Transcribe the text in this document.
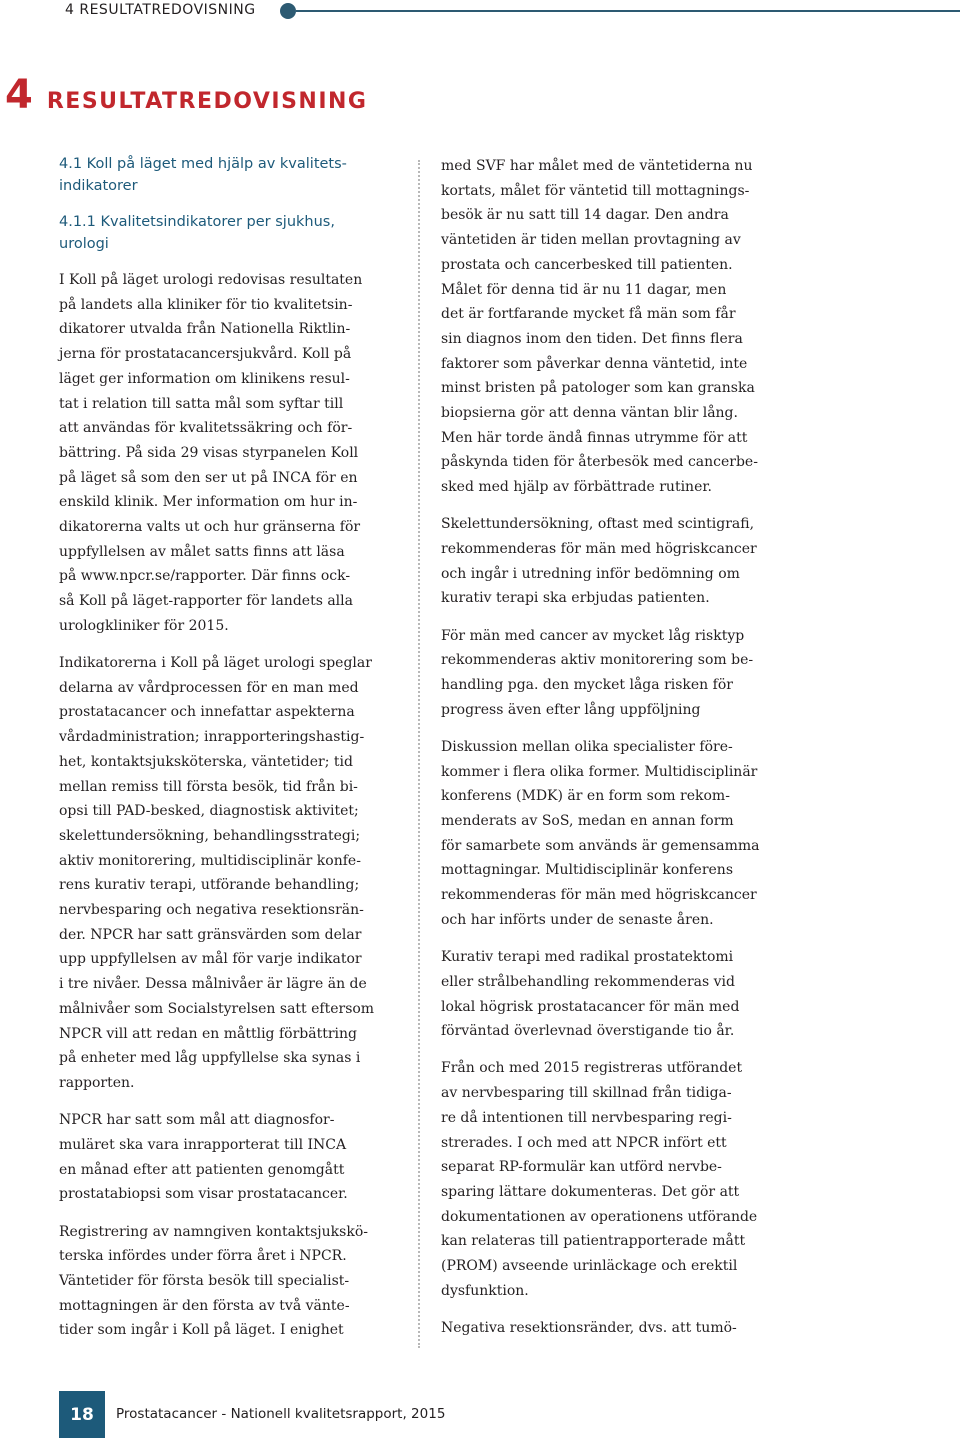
4 RESULTATREDOVISNING
4 RESULTATREDOVISNING
4.1 Koll på läget med hjälp av kvalitets-
indikatorer
4.1.1 Kvalitetsindikatorer per sjukhus,
urologi

I Koll på läget urologi redovisas resultaten
på landets alla kliniker för tio kvalitetsin-
dikatorer utvalda från Nationella Riktlin-
jerna för prostatacancersjukvård. Koll på
läget ger information om klinikens resul-
tat i relation till satta mål som syftar till
att användas för kvalitetssäkring och för-
bättring. På sida 29 visas styrpanelen Koll
på läget så som den ser ut på INCA för en
enskild klinik. Mer information om hur in-
dikatorerna valts ut och hur gränserna för
uppfyllelsen av målet satts finns att läsa
på www.npcr.se/rapporter. Där finns ock-
så Koll på läget-rapporter för landets alla
urologkliniker för 2015.

Indikatorerna i Koll på läget urologi speglar
delarna av vårdprocessen för en man med
prostatacancer och innefattar aspekterna
vårdadministration; inrapporteringshastig-
het, kontaktsjuksköterska, väntetider; tid
mellan remiss till första besök, tid från bi-
opsi till PAD-besked, diagnostisk aktivitet;
skelettundersökning, behandlingsstrategi;
aktiv monitorering, multidisciplinär konfe-
rens kurativ terapi, utförande behandling;
nervbesparing och negativa resektionsrän-
der. NPCR har satt gränsvärden som delar
upp uppfyllelsen av mål för varje indikator
i tre nivåer. Dessa målnivåer är lägre än de
målnivåer som Socialstyrelsen satt eftersom
NPCR vill att redan en måttlig förbättring
på enheter med låg uppfyllelse ska synas i
rapporten.

NPCR har satt som mål att diagnosfor-
muläret ska vara inrapporterat till INCA
en månad efter att patienten genomgått
prostatabiopsi som visar prostatacancer.

Registrering av namngiven kontaktsjukskö-
terska infördes under förra året i NPCR.
Väntetider för första besök till specialist-
mottagningen är den första av två vänte-
tider som ingår i Koll på läget. I enighet

med SVF har målet med de väntetiderna nu
kortats, målet för väntetid till mottagnings-
besök är nu satt till 14 dagar. Den andra
väntetiden är tiden mellan provtagning av
prostata och cancerbesked till patienten.
Målet för denna tid är nu 11 dagar, men
det är fortfarande mycket få män som får
sin diagnos inom den tiden. Det finns flera
faktorer som påverkar denna väntetid, inte
minst bristen på patologer som kan granska
biopsierna gör att denna väntan blir lång.
Men här torde ändå finnas utrymme för att
påskynda tiden för återbesök med cancerbe-
sked med hjälp av förbättrade rutiner.

Skelettundersökning, oftast med scintigrafi,
rekommenderas för män med högriskcancer
och ingår i utredning inför bedömning om
kurativ terapi ska erbjudas patienten.

För män med cancer av mycket låg risktyp
rekommenderas aktiv monitorering som be-
handling pga. den mycket låga risken för
progress även efter lång uppföljning

Diskussion mellan olika specialister före-
kommer i flera olika former. Multidisciplinär
konferens (MDK) är en form som rekom-
menderats av SoS, medan en annan form
för samarbete som används är gemensamma
mottagningar. Multidisciplinär konferens
rekommenderas för män med högriskcancer
och har införts under de senaste åren.

Kurativ terapi med radikal prostatektomi
eller strålbehandling rekommenderas vid
lokal högrisk prostatacancer för män med
förväntad överlevnad överstigande tio år.

Från och med 2015 registreras utförandet
av nervbesparing till skillnad från tidiga-
re då intentionen till nervbesparing regi-
strerades. I och med att NPCR infört ett
separat RP-formulär kan utförd nervbe-
sparing lättare dokumenteras. Det gör att
dokumentationen av operationens utförande
kan relateras till patientrapporterade mått
(PROM) avseende urinläckage och erektil
dysfunktion.

Negativa resektionsränder, dvs. att tumö-

18 Prostatacancer - Nationell kvalitetsrapport, 2015
